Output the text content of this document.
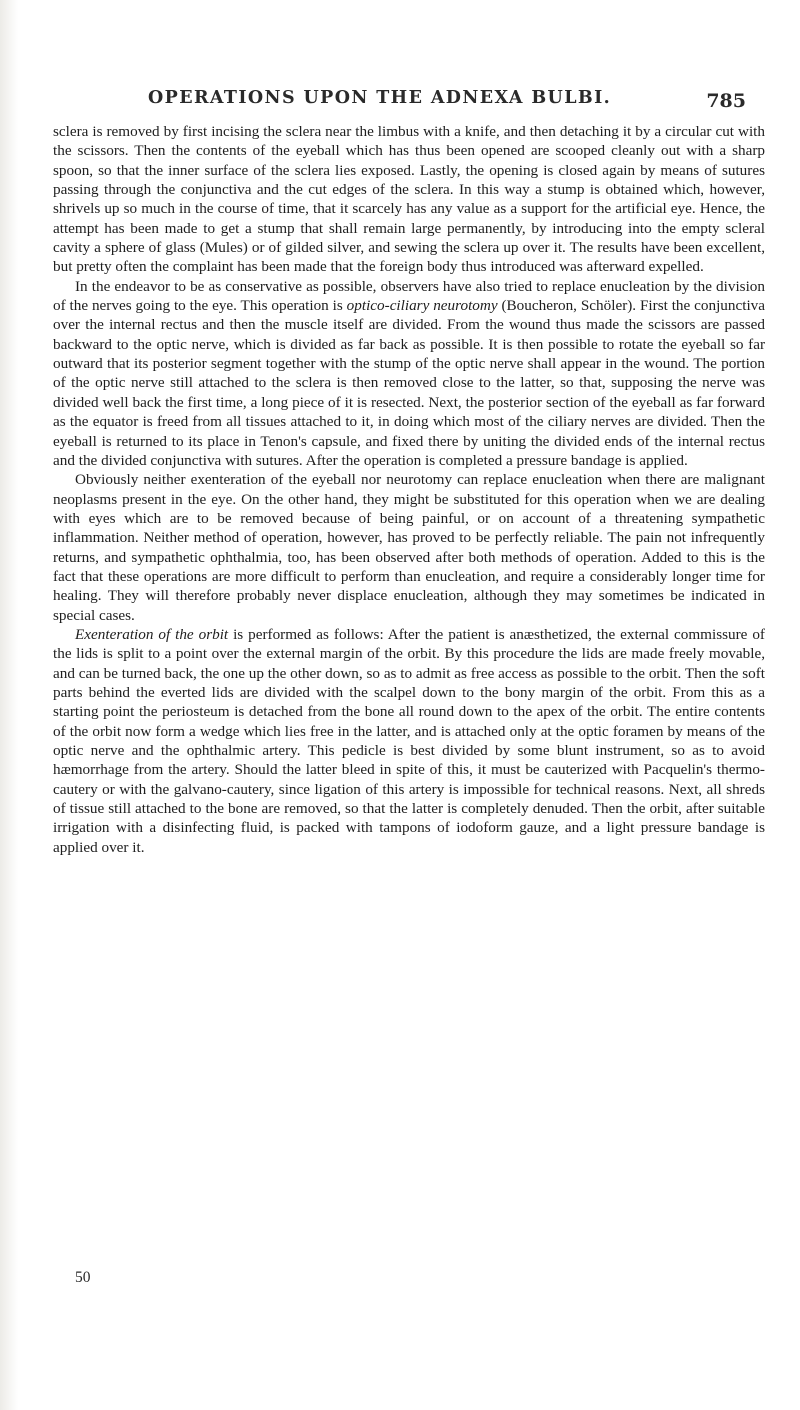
OPERATIONS UPON THE ADNEXA BULBI.	785

sclera is removed by first incising the sclera near the limbus with a knife, and then detaching it by a circular cut with the scissors. Then the contents of the eyeball which has thus been opened are scooped cleanly out with a sharp spoon, so that the inner surface of the sclera lies exposed. Lastly, the opening is closed again by means of sutures passing through the conjunctiva and the cut edges of the sclera. In this way a stump is obtained which, however, shrivels up so much in the course of time, that it scarcely has any value as a support for the artificial eye. Hence, the attempt has been made to get a stump that shall remain large permanently, by introducing into the empty scleral cavity a sphere of glass (Mules) or of gilded silver, and sewing the sclera up over it. The results have been excellent, but pretty often the complaint has been made that the foreign body thus introduced was afterward expelled.

In the endeavor to be as conservative as possible, observers have also tried to replace enucleation by the division of the nerves going to the eye. This operation is optico-ciliary neurotomy (Boucheron, Schöler). First the conjunctiva over the internal rectus and then the muscle itself are divided. From the wound thus made the scissors are passed backward to the optic nerve, which is divided as far back as possible. It is then possible to rotate the eyeball so far outward that its posterior segment together with the stump of the optic nerve shall appear in the wound. The portion of the optic nerve still attached to the sclera is then removed close to the latter, so that, supposing the nerve was divided well back the first time, a long piece of it is resected. Next, the posterior section of the eyeball as far forward as the equator is freed from all tissues attached to it, in doing which most of the ciliary nerves are divided. Then the eyeball is returned to its place in Tenon's capsule, and fixed there by uniting the divided ends of the internal rectus and the divided conjunctiva with sutures. After the operation is completed a pressure bandage is applied.

Obviously neither exenteration of the eyeball nor neurotomy can replace enucleation when there are malignant neoplasms present in the eye. On the other hand, they might be substituted for this operation when we are dealing with eyes which are to be removed because of being painful, or on account of a threatening sympathetic inflammation. Neither method of operation, however, has proved to be perfectly reliable. The pain not infrequently returns, and sympathetic ophthalmia, too, has been observed after both methods of operation. Added to this is the fact that these operations are more difficult to perform than enucleation, and require a considerably longer time for healing. They will therefore probably never displace enucleation, although they may sometimes be indicated in special cases.

Exenteration of the orbit is performed as follows: After the patient is anæsthetized, the external commissure of the lids is split to a point over the external margin of the orbit. By this procedure the lids are made freely movable, and can be turned back, the one up the other down, so as to admit as free access as possible to the orbit. Then the soft parts behind the everted lids are divided with the scalpel down to the bony margin of the orbit. From this as a starting point the periosteum is detached from the bone all round down to the apex of the orbit. The entire contents of the orbit now form a wedge which lies free in the latter, and is attached only at the optic foramen by means of the optic nerve and the ophthalmic artery. This pedicle is best divided by some blunt instrument, so as to avoid hæmorrhage from the artery. Should the latter bleed in spite of this, it must be cauterized with Pacquelin's thermo-cautery or with the galvano-cautery, since ligation of this artery is impossible for technical reasons. Next, all shreds of tissue still attached to the bone are removed, so that the latter is completely denuded. Then the orbit, after suitable irrigation with a disinfecting fluid, is packed with tampons of iodoform gauze, and a light pressure bandage is applied over it.

50
